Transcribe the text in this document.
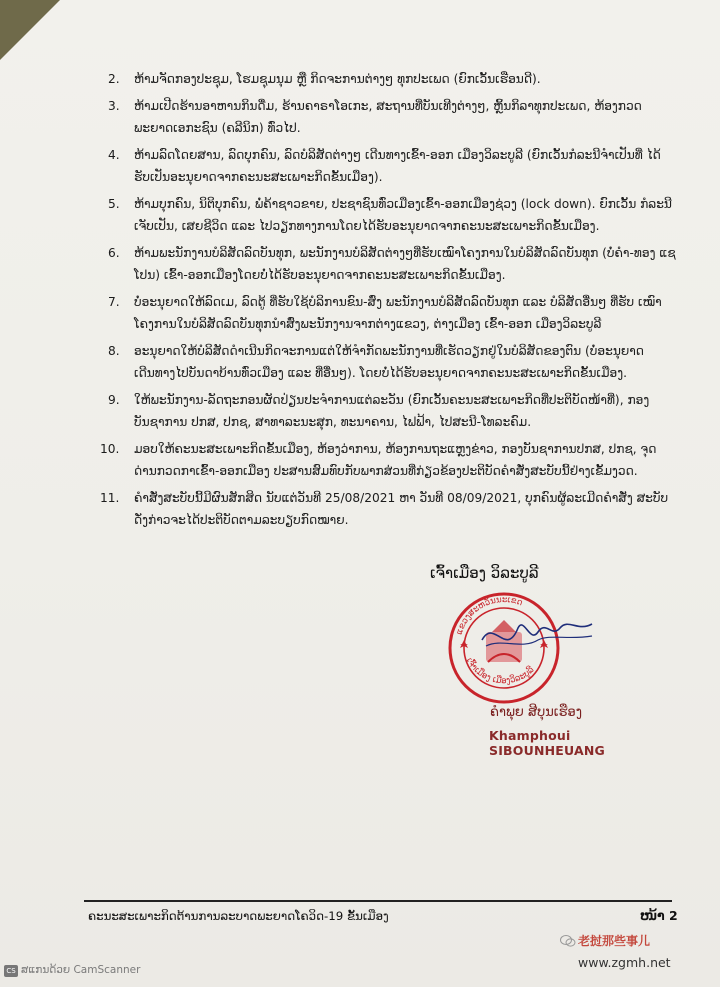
2. ຫ້າມຈັດກອງປະຊຸມ, ໂຮມຊຸມນຸມ ຫຼື ກິດຈະການຕ່າງໆ ທຸກປະເພດ (ຍົກເວັ້ນເຮືອນດີ).
3. ຫ້າມເປີດຮ້ານອາຫານກິນດື່ມ, ຮ້ານຄາຣາໂອເກະ, ສະຖານທີ່ບັນເທີງຕ່າງໆ, ຫຼິ້ນກິລາທຸກປະເພດ, ຫ້ອງກວດ ພະຍາດເອກະຊົນ (ຄລີນິກ) ທົ່ວໄປ.
4. ຫ້າມລົດໂດຍສານ, ລົດບຸກຄົນ, ລົດບໍລິສັດຕ່າງໆ ເດີນທາງເຂົ້າ-ອອກ ເມືອງວິລະບູລີ (ຍົກເວັ້ນກໍລະນີຈຳເປັນທີ່ ໄດ້ຮັບເປັນອະນຸຍາດຈາກຄະນະສະເພາະກິດຂັ້ນເມືອງ).
5. ຫ້າມບຸກຄົນ, ນິຕິບຸກຄົນ, ພໍ່ຄ້າຊາວຂາຍ, ປະຊາຊົນທົ່ວເມືອງເຂົ້າ-ອອກເມືອງຊ່ວງ (lock down). ຍົກເວັ້ນ ກໍລະນີເຈັບເປັນ, ເສຍຊີວິດ ແລະ ໄປວຽກທາງການໂດຍໄດ້ຮັບອະນຸຍາດຈາກຄະນະສະເພາະກິດຂັ້ນເມືອງ.
6. ຫ້າມພະນັກງານບໍລິສັດລົດບັນທຸກ, ພະນັກງານບໍລິສັດຕ່າງໆທີ່ຮັບເໝົາໂຄງການໃນບໍລິສັດລົດບັນທຸກ (ບໍ່ຄຳ-ທອງ ແຊໂປນ) ເຂົ້າ-ອອກເມືອງໂດຍບໍ່ໄດ້ຮັບອະນຸຍາດຈາກຄະນະສະເພາະກິດຂັ້ນເມືອງ.
7. ບໍ່ອະນຸຍາດໃຫ້ລົດເມ, ລົດຕູ້ ທີ່ຮັບໃຊ້ບໍລິການຂົນ-ສົ່ງ ພະນັກງານບໍລິສັດລົດບັນທຸກ ແລະ ບໍລິສັດອື່ນໆ ທີ່ຮັບ ເໝົາໂຄງການໃນບໍລິສັດລົດບັນທຸກນຳສົ່ງພະນັກງານຈາກຕ່າງແຂວງ, ຕ່າງເມືອງ ເຂົ້າ-ອອກ ເມືອງວິລະບູລີ
8. ອະນຸຍາດໃຫ້ບໍລິສັດດຳເນີນກິດຈະການແຕ່ໃຫ້ຈຳກັດພະນັກງານທີ່ເຮັດວຽກຢູ່ໃນບໍລິສັດຂອງຕົນ (ບໍ່ອະນຸຍາດ ເດີນທາງໄປບັນດາບ້ານທົ່ວເມືອງ ແລະ ທີ່ອື່ນໆ). ໂດຍບໍ່ໄດ້ຮັບອະນຸຍາດຈາກຄະນະສະເພາະກິດຂັ້ນເມືອງ.
9. ໃຫ້ພະນັກງານ-ລັດຖະກອນຜັດປ່ຽນປະຈຳການແຕ່ລະວັນ (ຍົກເວັ້ນຄະນະສະເພາະກິດທີ່ປະຕິບັດໜ້າທີ່), ກອງ ບັນຊາການ ປກສ, ປກຊ, ສາທາລະນະສຸກ, ທະນາຄານ, ໄຟຟ້າ, ໄປສະນີ-ໂທລະຄົມ.
10. ມອບໃຫ້ຄະນະສະເພາະກິດຂັ້ນເມືອງ, ຫ້ອງວ່າການ, ຫ້ອງການຖະແຫຼງຂ່າວ, ກອງບັນຊາການປກສ, ປກຊ, ຈຸດ ດ່ານກວດກາເຂົ້າ-ອອກເມືອງ ປະສານສົມທົບກັບພາກສ່ວນທີ່ກ່ຽວຂ້ອງປະຕິບັດຄຳສັ່ງສະບັບນີ້ຢ່າງເຂັ້ມງວດ.
11. ຄຳສັ່ງສະບັບນີ້ມີຜົນສັກສິດ ນັບແຕ່ວັນທີ 25/08/2021 ຫາ ວັນທີ 08/09/2021, ບຸກຄົນຜູ້ລະເມີດຄຳສັ່ງ ສະບັບດັ່ງກ່າວຈະໄດ້ປະຕິບັດຕາມລະບຽບກົດໝາຍ.
ເຈົ້າເມືອງ ວິລະບູລີ
ແຂວງສະຫວັນນະເຂດ
ເຈົ້າເມືອງ ເມືອງວິລະບູລີ
ຄຳພຸຍ ສີບຸນເຮືອງ
Khamphoui SIBOUNHEUANG
ຄະນະສະເພາະກິດຕ້ານການລະບາດພະຍາດໂຄວິດ-19 ຂັ້ນເມືອງ	ໜ້າ 2
老挝那些事儿
www.zgmh.net
CS ສແກນດ້ວຍ CamScanner
